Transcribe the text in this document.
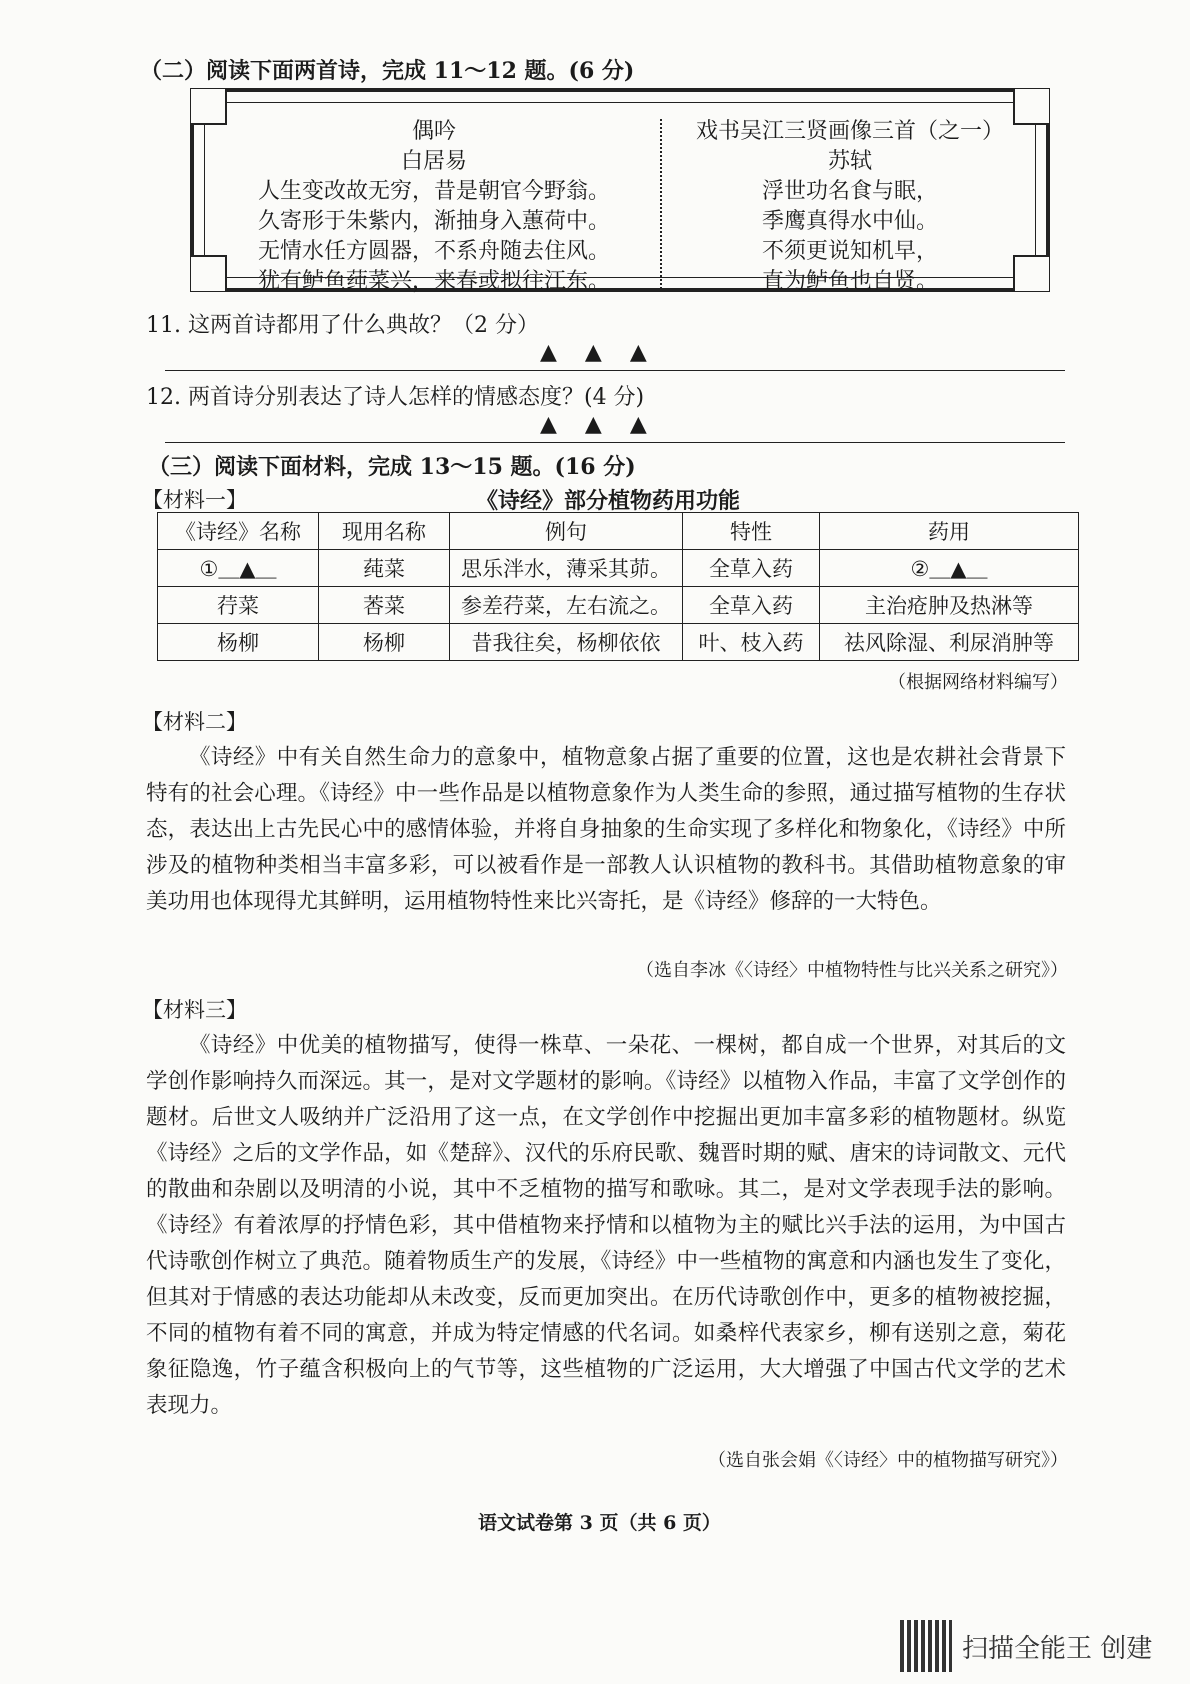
（二）阅读下面两首诗，完成 11～12 题。(6 分)
偶吟
白居易
人生变改故无穷，昔是朝官今野翁。
久寄形于朱紫内，渐抽身入蕙荷中。
无情水任方圆器，不系舟随去住风。
犹有鲈鱼莼菜兴，来春或拟往江东。
戏书吴江三贤画像三首（之一）
苏轼
浮世功名食与眠，
季鹰真得水中仙。
不须更说知机早，
直为鲈鱼也自贤。
11. 这两首诗都用了什么典故？（2 分）
▲▲▲
12. 两首诗分别表达了诗人怎样的情感态度？(4 分)
▲▲▲
（三）阅读下面材料，完成 13～15 题。(16 分)
【材料一】	《诗经》部分植物药用功能
《诗经》名称	现用名称	例句	特性	药用
①＿▲＿	莼菜	思乐泮水，薄采其茆。	全草入药	②＿▲＿
荇菜	莕菜	参差荇菜，左右流之。	全草入药	主治疮肿及热淋等
杨柳	杨柳	昔我往矣，杨柳依依	叶、枝入药	祛风除湿、利尿消肿等
（根据网络材料编写）
【材料二】
《诗经》中有关自然生命力的意象中，植物意象占据了重要的位置，这也是农耕社会背景下特有的社会心理。《诗经》中一些作品是以植物意象作为人类生命的参照，通过描写植物的生存状态，表达出上古先民心中的感情体验，并将自身抽象的生命实现了多样化和物象化，《诗经》中所涉及的植物种类相当丰富多彩，可以被看作是一部教人认识植物的教科书。其借助植物意象的审美功用也体现得尤其鲜明，运用植物特性来比兴寄托，是《诗经》修辞的一大特色。
（选自李冰《〈诗经〉中植物特性与比兴关系之研究》）
【材料三】
《诗经》中优美的植物描写，使得一株草、一朵花、一棵树，都自成一个世界，对其后的文学创作影响持久而深远。其一，是对文学题材的影响。《诗经》以植物入作品，丰富了文学创作的题材。后世文人吸纳并广泛沿用了这一点，在文学创作中挖掘出更加丰富多彩的植物题材。纵览《诗经》之后的文学作品，如《楚辞》、汉代的乐府民歌、魏晋时期的赋、唐宋的诗词散文、元代的散曲和杂剧以及明清的小说，其中不乏植物的描写和歌咏。其二，是对文学表现手法的影响。《诗经》有着浓厚的抒情色彩，其中借植物来抒情和以植物为主的赋比兴手法的运用，为中国古代诗歌创作树立了典范。随着物质生产的发展，《诗经》中一些植物的寓意和内涵也发生了变化，但其对于情感的表达功能却从未改变，反而更加突出。在历代诗歌创作中，更多的植物被挖掘，不同的植物有着不同的寓意，并成为特定情感的代名词。如桑梓代表家乡，柳有送别之意，菊花象征隐逸，竹子蕴含积极向上的气节等，这些植物的广泛运用，大大增强了中国古代文学的艺术表现力。
（选自张会娟《〈诗经〉中的植物描写研究》）
语文试卷第 3 页（共 6 页）
扫描全能王 创建
